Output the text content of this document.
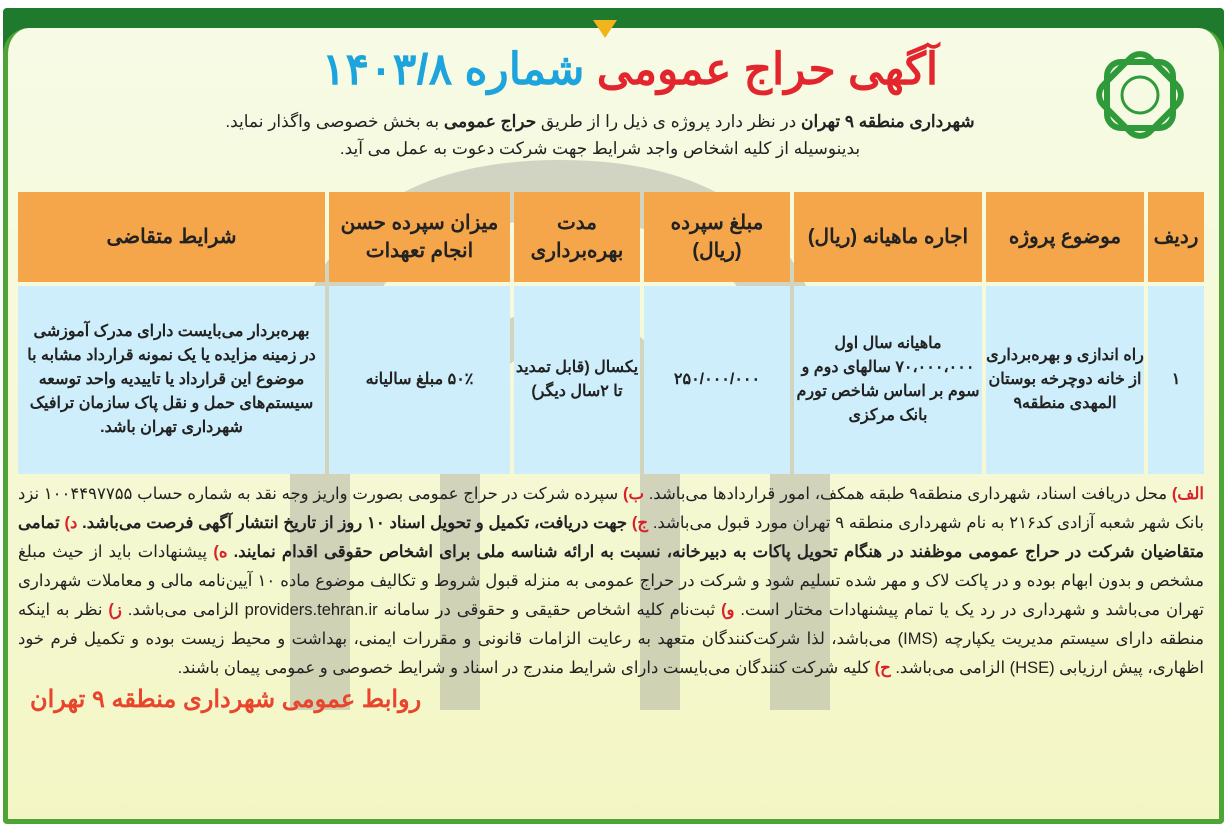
آگهی حراج عمومی شماره ۱۴۰۳/۸
شهرداری منطقه ۹ تهران در نظر دارد پروژه ی ذیل را از طریق حراج عمومی به بخش خصوصی واگذار نماید.
بدینوسیله از کلیه اشخاص واجد شرایط جهت شرکت دعوت به عمل می آید.
ردیف	موضوع پروژه	اجاره ماهیانه (ریال)	مبلغ سپرده (ریال)	مدت بهره‌برداری	میزان سپرده حسن انجام تعهدات	شرایط متقاضی
۱	راه اندازی و بهره‌برداری از خانه دوچرخه بوستان المهدی منطقه۹	ماهیانه سال اول ۷۰،۰۰۰،۰۰۰ سالهای دوم و سوم بر اساس شاخص تورم بانک مرکزی	۲۵۰/۰۰۰/۰۰۰	یکسال (قابل تمدید تا ۲سال دیگر)	۵۰٪ مبلغ سالیانه	بهره‌بردار می‌بایست دارای مدرک آموزشی در زمینه مزایده یا یک نمونه قرارداد مشابه با موضوع این قرارداد یا تاییدیه واحد توسعه سیستم‌های حمل و نقل پاک سازمان ترافیک شهرداری تهران باشد.
الف) محل دریافت اسناد، شهرداری منطقه۹ طبقه همکف، امور قراردادها می‌باشد. ب) سپرده شرکت در حراج عمومی بصورت واریز وجه نقد به شماره حساب ۱۰۰۴۴۹۷۷۵۵ نزد بانک شهر شعبه آزادی کد۲۱۶ به نام شهرداری منطقه ۹ تهران مورد قبول می‌باشد. ج) جهت دریافت، تکمیل و تحویل اسناد ۱۰ روز از تاریخ انتشار آگهی فرصت می‌باشد. د) تمامی متقاضیان شرکت در حراج عمومی موظفند در هنگام تحویل پاکات به دبیرخانه، نسبت به ارائه شناسه ملی برای اشخاص حقوقی اقدام نمایند. ه) پیشنهادات باید از حیث مبلغ مشخص و بدون ابهام بوده و در پاکت لاک و مهر شده تسلیم شود و شرکت در حراج عمومی به منزله قبول شروط و تکالیف موضوع ماده ۱۰ آیین‌نامه مالی و معاملات شهرداری تهران می‌باشد و شهرداری در رد یک یا تمام پیشنهادات مختار است. و) ثبت‌نام کلیه اشخاص حقیقی و حقوقی در سامانه providers.tehran.ir الزامی می‌باشد. ز) نظر به اینکه منطقه دارای سیستم مدیریت یکپارچه (IMS) می‌باشد، لذا شرکت‌کنندگان متعهد به رعایت الزامات قانونی و مقررات ایمنی، بهداشت و محیط زیست بوده و تکمیل فرم خود اظهاری، پیش ارزیابی (HSE) الزامی می‌باشد. ح) کلیه شرکت کنندگان می‌بایست دارای شرایط مندرج در اسناد و شرایط خصوصی و عمومی پیمان باشند.
روابط عمومی شهرداری منطقه ۹ تهران
